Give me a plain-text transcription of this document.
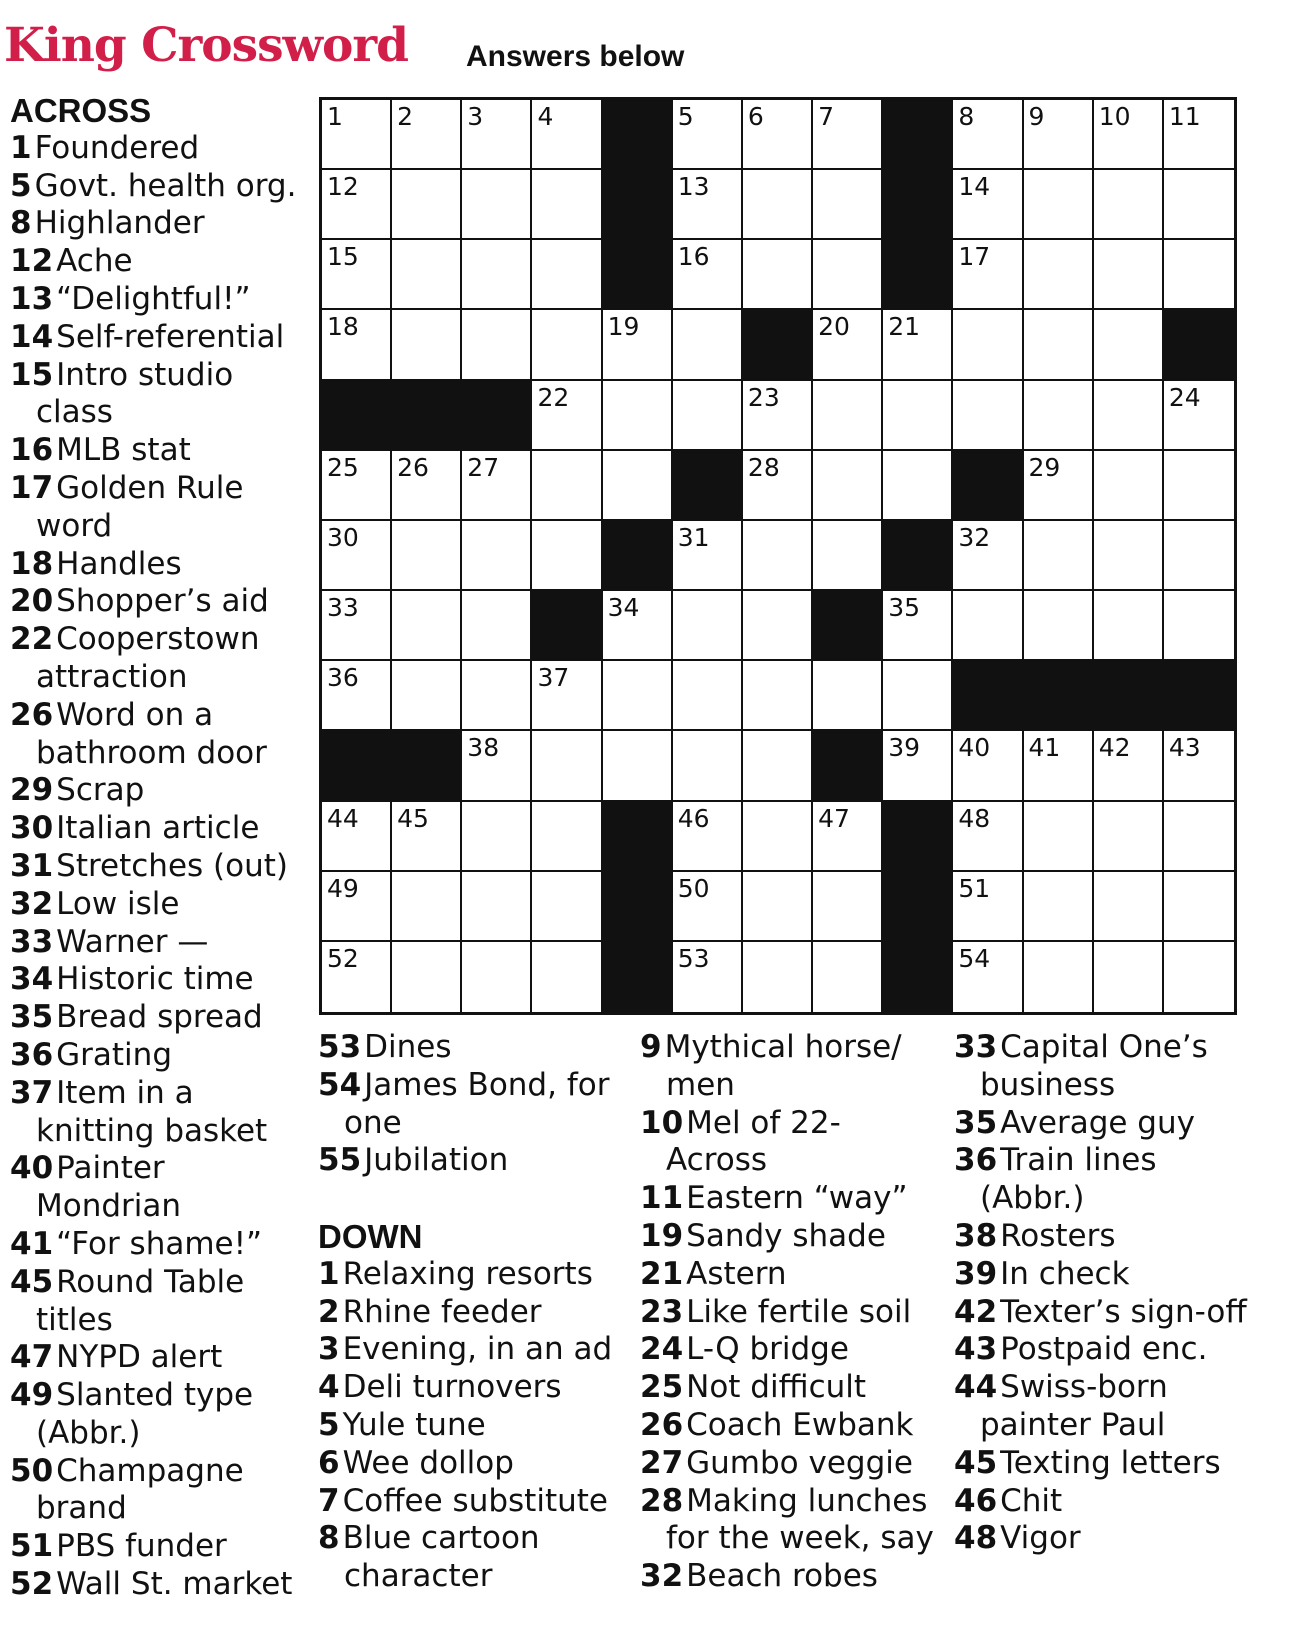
King Crossword Answers below
1 2 3 4	5 6 7	8 9 10 11
12	13	14
15	16	17
18	19	20 21
22	23	24
25 26 27	28	29
30	31	32
33	34	35
36	37
38	39 40 41 42 43
44 45	46	47	48
49	50	51
52	53	54
ACROSS
1Foundered
5Govt. health org.
8Highlander
12Ache
13“Delightful!”
14Self-referential
15Intro studio class
16MLB stat
17Golden Rule word
18Handles
20Shopper’s aid
22Cooperstown attraction
26Word on a bathroom door
29Scrap
30Italian article
31Stretches (out)
32Low isle
33Warner —
34Historic time
35Bread spread
36Grating
37Item in a knitting basket
40Painter Mondrian
41“For shame!”
45Round Table titles
47NYPD alert
49Slanted type (Abbr.)
50Champagne brand
51PBS funder
52Wall St. market
53Dines
54James Bond, for one
55Jubilation
DOWN
1Relaxing resorts
2Rhine feeder
3Evening, in an ad
4Deli turnovers
5Yule tune
6Wee dollop
7Coffee substitute
8Blue cartoon character
9Mythical horse/ men
10Mel of 22-Across
11Eastern “way”
19Sandy shade
21Astern
23Like fertile soil
24L-Q bridge
25Not difficult
26Coach Ewbank
27Gumbo veggie
28Making lunches for the week, say
32Beach robes
33Capital One’s business
35Average guy
36Train lines (Abbr.)
38Rosters
39In check
42Texter’s sign-off
43Postpaid enc.
44Swiss-born painter Paul
45Texting letters
46Chit
48Vigor
